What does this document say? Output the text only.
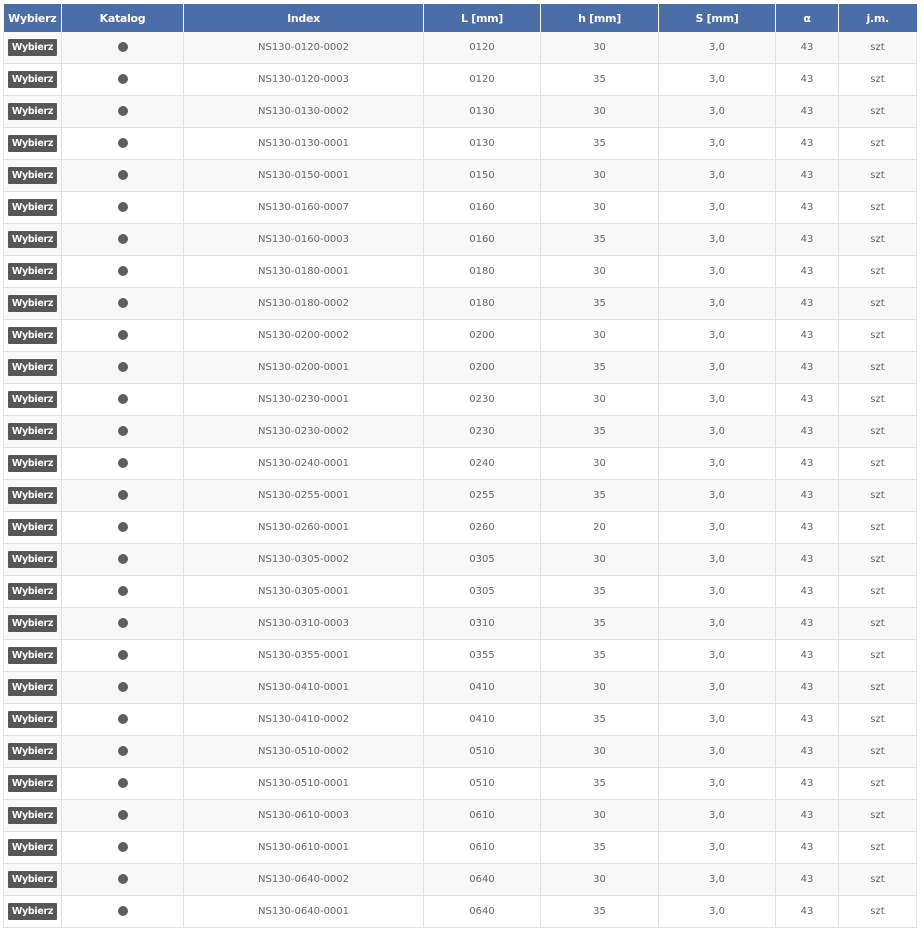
Wybierz	Katalog	Index	L [mm]	h [mm]	S [mm]	α	j.m.
Wybierz		NS130-0120-0002	0120	30	3,0	43	szt
Wybierz		NS130-0120-0003	0120	35	3,0	43	szt
Wybierz		NS130-0130-0002	0130	30	3,0	43	szt
Wybierz		NS130-0130-0001	0130	35	3,0	43	szt
Wybierz		NS130-0150-0001	0150	30	3,0	43	szt
Wybierz		NS130-0160-0007	0160	30	3,0	43	szt
Wybierz		NS130-0160-0003	0160	35	3,0	43	szt
Wybierz		NS130-0180-0001	0180	30	3,0	43	szt
Wybierz		NS130-0180-0002	0180	35	3,0	43	szt
Wybierz		NS130-0200-0002	0200	30	3,0	43	szt
Wybierz		NS130-0200-0001	0200	35	3,0	43	szt
Wybierz		NS130-0230-0001	0230	30	3,0	43	szt
Wybierz		NS130-0230-0002	0230	35	3,0	43	szt
Wybierz		NS130-0240-0001	0240	30	3,0	43	szt
Wybierz		NS130-0255-0001	0255	35	3,0	43	szt
Wybierz		NS130-0260-0001	0260	20	3,0	43	szt
Wybierz		NS130-0305-0002	0305	30	3,0	43	szt
Wybierz		NS130-0305-0001	0305	35	3,0	43	szt
Wybierz		NS130-0310-0003	0310	35	3,0	43	szt
Wybierz		NS130-0355-0001	0355	35	3,0	43	szt
Wybierz		NS130-0410-0001	0410	30	3,0	43	szt
Wybierz		NS130-0410-0002	0410	35	3,0	43	szt
Wybierz		NS130-0510-0002	0510	30	3,0	43	szt
Wybierz		NS130-0510-0001	0510	35	3,0	43	szt
Wybierz		NS130-0610-0003	0610	30	3,0	43	szt
Wybierz		NS130-0610-0001	0610	35	3,0	43	szt
Wybierz		NS130-0640-0002	0640	30	3,0	43	szt
Wybierz		NS130-0640-0001	0640	35	3,0	43	szt
